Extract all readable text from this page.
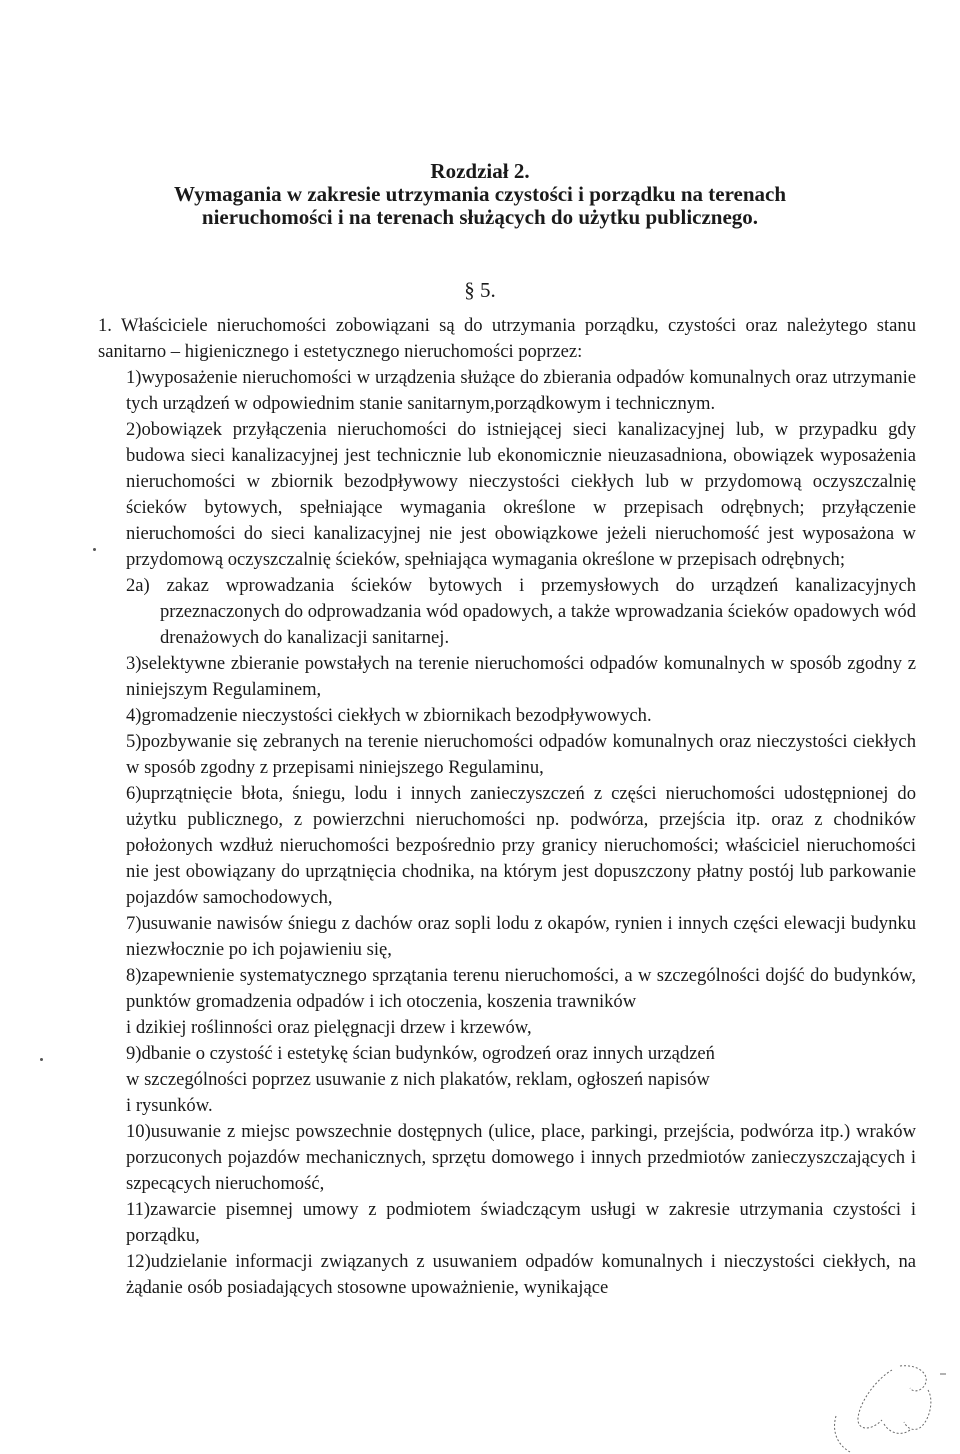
Rozdział 2.
Wymagania w zakresie utrzymania czystości i porządku na terenach
nieruchomości i na terenach służących do użytku publicznego.
§ 5.

1. Właściciele nieruchomości zobowiązani są do utrzymania porządku, czystości oraz należytego stanu sanitarno – higienicznego i estetycznego nieruchomości poprzez:

1)wyposażenie nieruchomości w urządzenia służące do zbierania odpadów komunalnych oraz utrzymanie tych urządzeń w odpowiednim stanie sanitarnym,porządkowym i technicznym.

2)obowiązek przyłączenia nieruchomości do istniejącej sieci kanalizacyjnej lub, w przypadku gdy budowa sieci kanalizacyjnej jest technicznie lub ekonomicznie nieuzasadniona, obowiązek wyposażenia nieruchomości w zbiornik bezodpływowy nieczystości ciekłych lub w przydomową oczyszczalnię ścieków bytowych, spełniające wymagania określone w przepisach odrębnych; przyłączenie nieruchomości do sieci kanalizacyjnej nie jest obowiązkowe jeżeli nieruchomość jest wyposażona w przydomową oczyszczalnię ścieków, spełniająca wymagania określone w przepisach odrębnych;

2a) zakaz wprowadzania ścieków bytowych i przemysłowych do urządzeń kanalizacyjnych przeznaczonych do odprowadzania wód opadowych, a także wprowadzania ścieków opadowych wód drenażowych do kanalizacji sanitarnej.

3)selektywne zbieranie powstałych na terenie nieruchomości odpadów komunalnych w sposób zgodny z niniejszym Regulaminem,

4)gromadzenie nieczystości ciekłych w zbiornikach bezodpływowych.

5)pozbywanie się zebranych na terenie nieruchomości odpadów komunalnych oraz nieczystości ciekłych w sposób zgodny z przepisami niniejszego Regulaminu,

6)uprzątnięcie błota, śniegu, lodu i innych zanieczyszczeń z części nieruchomości udostępnionej do użytku publicznego, z powierzchni nieruchomości np. podwórza, przejścia itp. oraz z chodników położonych wzdłuż nieruchomości bezpośrednio przy granicy nieruchomości; właściciel nieruchomości nie jest obowiązany do uprzątnięcia chodnika, na którym jest dopuszczony płatny postój lub parkowanie pojazdów samochodowych,

7)usuwanie nawisów śniegu z dachów oraz sopli lodu z okapów, rynien i innych części elewacji budynku niezwłocznie po ich pojawieniu się,

8)zapewnienie systematycznego sprzątania terenu nieruchomości, a w szczególności dojść do budynków, punktów gromadzenia odpadów i ich otoczenia, koszenia trawników

i dzikiej roślinności oraz pielęgnacji drzew i krzewów,

9)dbanie o czystość i estetykę ścian budynków, ogrodzeń oraz innych urządzeń

w szczególności poprzez usuwanie z nich plakatów, reklam, ogłoszeń napisów

i rysunków.

10)usuwanie z miejsc powszechnie dostępnych (ulice, place, parkingi, przejścia, podwórza itp.) wraków porzuconych pojazdów mechanicznych, sprzętu domowego i innych przedmiotów zanieczyszczających i szpecących nieruchomość,

11)zawarcie pisemnej umowy z podmiotem świadczącym usługi w zakresie utrzymania czystości i porządku,

12)udzielanie informacji związanych z usuwaniem odpadów komunalnych i nieczystości ciekłych, na żądanie osób posiadających stosowne upoważnienie, wynikające
